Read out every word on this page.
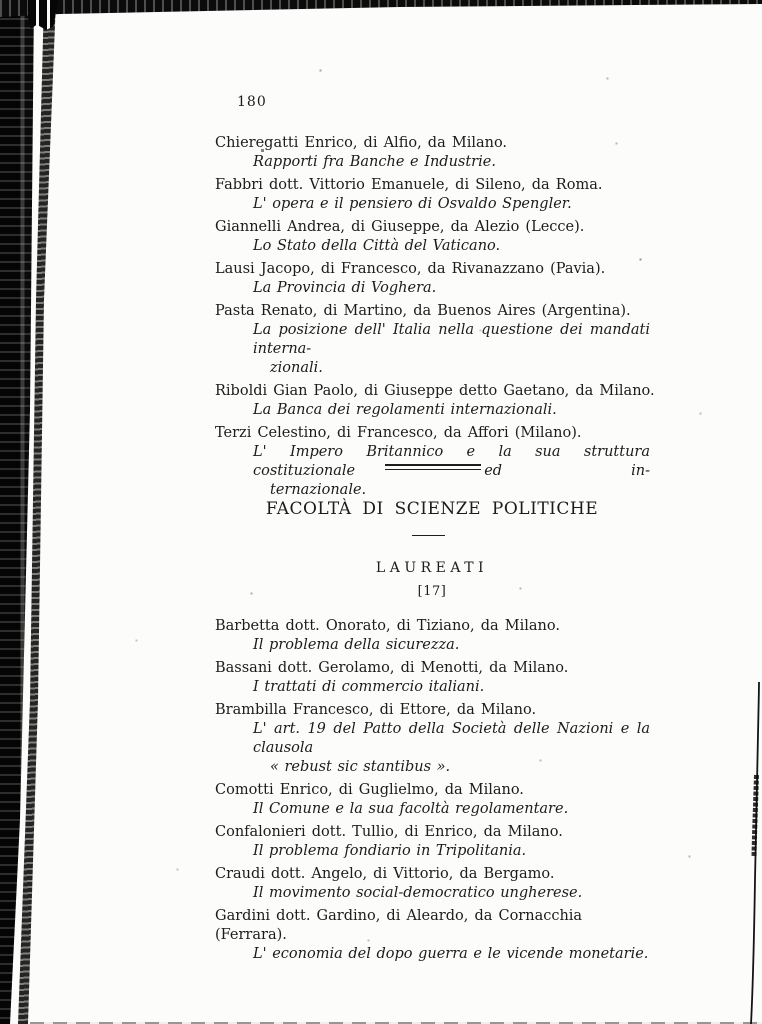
180
Chieregatti Enrico, di Alfio, da Milano.
Rapporti fra Banche e Industrie.
Fabbri dott. Vittorio Emanuele, di Sileno, da Roma.
L' opera e il pensiero di Osvaldo Spengler.
Giannelli Andrea, di Giuseppe, da Alezio (Lecce).
Lo Stato della Città del Vaticano.
Lausi Jacopo, di Francesco, da Rivanazzano (Pavia).
La Provincia di Voghera.
Pasta Renato, di Martino, da Buenos Aires (Argentina).
La posizione dell' Italia nella questione dei mandati interna-
zionali.
Riboldi Gian Paolo, di Giuseppe detto Gaetano, da Milano.
La Banca dei regolamenti internazionali.
Terzi Celestino, di Francesco, da Affori (Milano).
L' Impero Britannico e la sua struttura costituzionale ed in-
ternazionale.
FACOLTÀ DI SCIENZE POLITICHE
LAUREATI
[17]
Barbetta dott. Onorato, di Tiziano, da Milano.
Il problema della sicurezza.
Bassani dott. Gerolamo, di Menotti, da Milano.
I trattati di commercio italiani.
Brambilla Francesco, di Ettore, da Milano.
L' art. 19 del Patto della Società delle Nazioni e la clausola
« rebust sic stantibus ».
Comotti Enrico, di Guglielmo, da Milano.
Il Comune e la sua facoltà regolamentare.
Confalonieri dott. Tullio, di Enrico, da Milano.
Il problema fondiario in Tripolitania.
Craudi dott. Angelo, di Vittorio, da Bergamo.
Il movimento social-democratico ungherese.
Gardini dott. Gardino, di Aleardo, da Cornacchia (Ferrara).
L' economia del dopo guerra e le vicende monetarie.
